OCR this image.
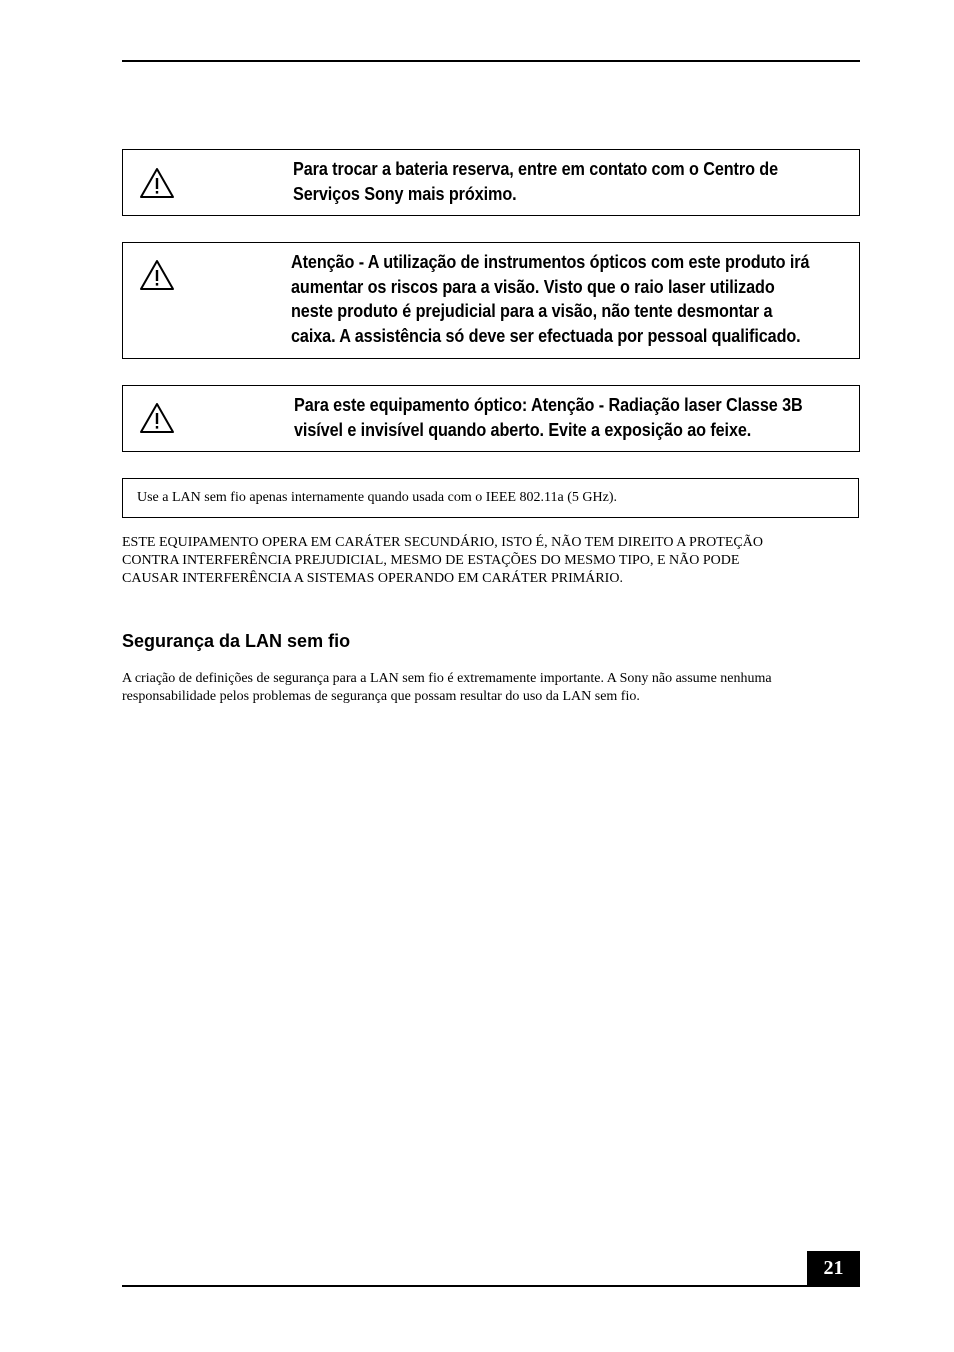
Para trocar a bateria reserva, entre em contato com o Centro de
Serviços Sony mais próximo.
Atenção - A utilização de instrumentos ópticos com este produto irá
aumentar os riscos para a visão. Visto que o raio laser utilizado
neste produto é prejudicial para a visão, não tente desmontar a
caixa. A assistência só deve ser efectuada por pessoal qualificado.
Para este equipamento óptico: Atenção - Radiação laser Classe 3B
visível e invisível quando aberto. Evite a exposição ao feixe.
Use a LAN sem fio apenas internamente quando usada com o IEEE 802.11a (5 GHz).
ESTE EQUIPAMENTO OPERA EM CARÁTER SECUNDÁRIO, ISTO É, NÃO TEM DIREITO A PROTEÇÃO
CONTRA INTERFERÊNCIA PREJUDICIAL, MESMO DE ESTAÇÕES DO MESMO TIPO, E NÃO PODE
CAUSAR INTERFERÊNCIA A SISTEMAS OPERANDO EM CARÁTER PRIMÁRIO.
Segurança da LAN sem fio
A criação de definições de segurança para a LAN sem fio é extremamente importante. A Sony não assume nenhuma
responsabilidade pelos problemas de segurança que possam resultar do uso da LAN sem fio.
21
